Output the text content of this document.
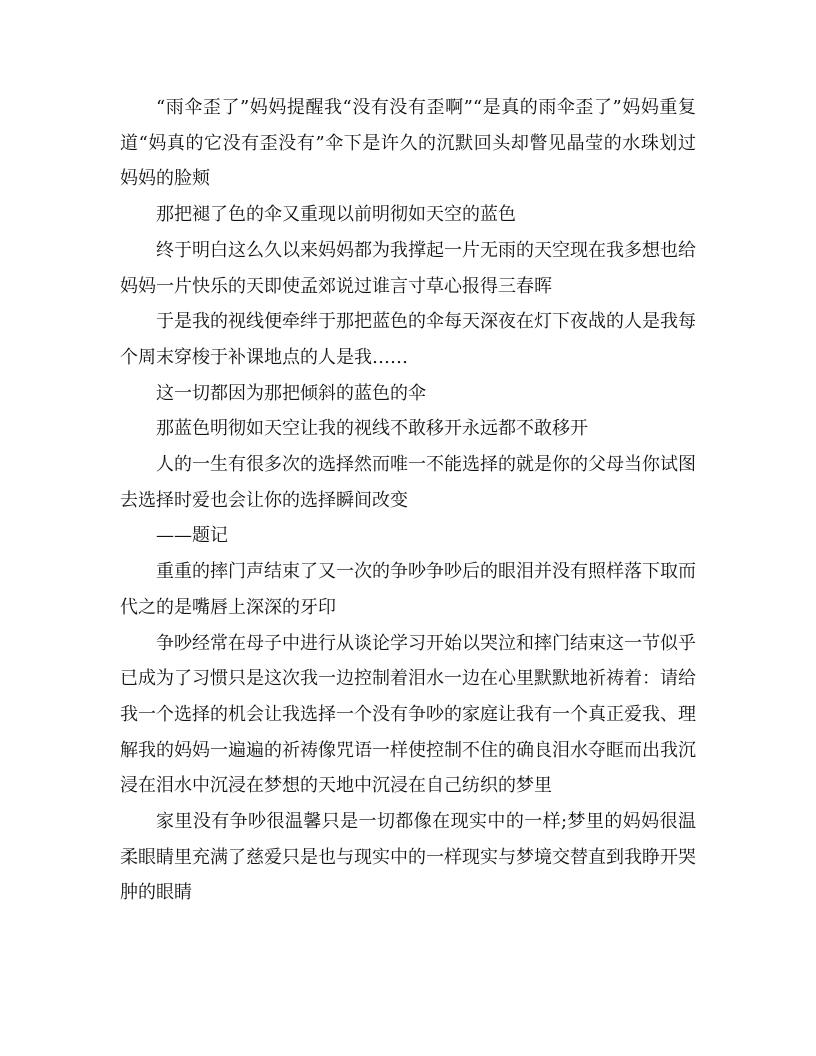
“雨伞歪了”妈妈提醒我“没有没有歪啊”“是真的雨伞歪了”妈妈重复道“妈真的它没有歪没有”伞下是许久的沉默回头却瞥见晶莹的水珠划过妈妈的脸颊

那把褪了色的伞又重现以前明彻如天空的蓝色

终于明白这么久以来妈妈都为我撑起一片无雨的天空现在我多想也给妈妈一片快乐的天即使孟郊说过谁言寸草心报得三春晖

于是我的视线便牵绊于那把蓝色的伞每天深夜在灯下夜战的人是我每个周末穿梭于补课地点的人是我……

这一切都因为那把倾斜的蓝色的伞

那蓝色明彻如天空让我的视线不敢移开永远都不敢移开

人的一生有很多次的选择然而唯一不能选择的就是你的父母当你试图去选择时爱也会让你的选择瞬间改变

——题记

重重的摔门声结束了又一次的争吵争吵后的眼泪并没有照样落下取而代之的是嘴唇上深深的牙印

争吵经常在母子中进行从谈论学习开始以哭泣和摔门结束这一节似乎已成为了习惯只是这次我一边控制着泪水一边在心里默默地祈祷着：请给我一个选择的机会让我选择一个没有争吵的家庭让我有一个真正爱我、理解我的妈妈一遍遍的祈祷像咒语一样使控制不住的确良泪水夺眶而出我沉浸在泪水中沉浸在梦想的天地中沉浸在自己纺织的梦里

家里没有争吵很温馨只是一切都像在现实中的一样;梦里的妈妈很温柔眼睛里充满了慈爱只是也与现实中的一样现实与梦境交替直到我睁开哭肿的眼睛
